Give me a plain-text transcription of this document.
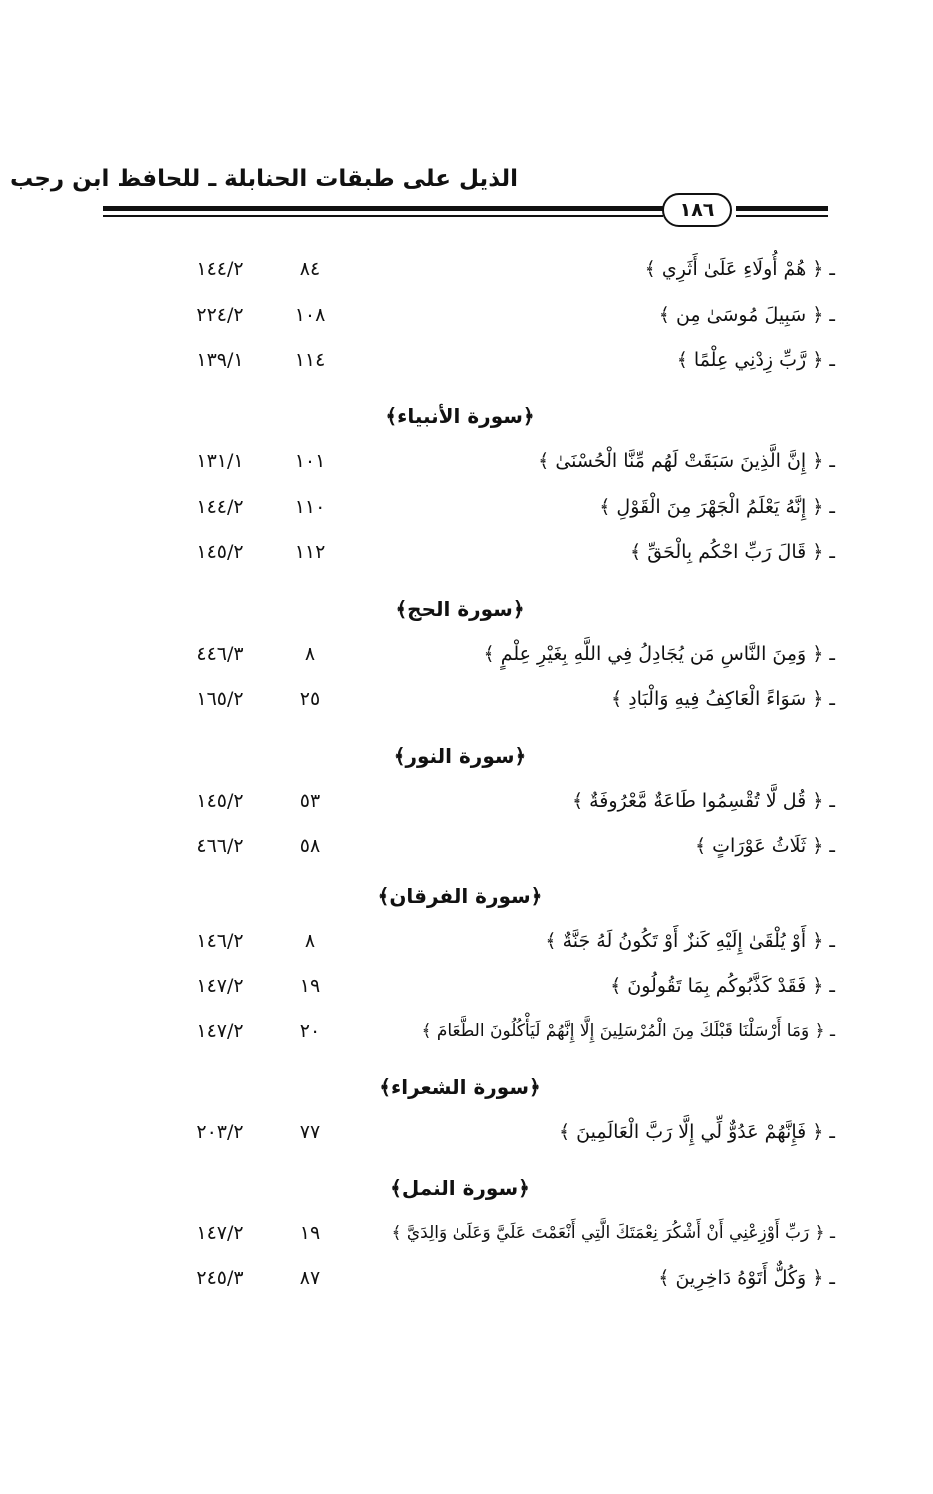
الذيل على طبقات الحنابلة ـ للحافظ ابن رجب
١٨٦
ـ ﴿ هُمْ أُولَاءِ عَلَىٰ أَثَرِي ﴾
٨٤
١٤٤/٢
ـ ﴿ سَبِيلَ مُوسَىٰ مِن ﴾
١٠٨
٢٢٤/٢
ـ ﴿ رَّبِّ زِدْنِي عِلْمًا ﴾
١١٤
١٣٩/١
﴿سورة الأنبياء﴾
ـ ﴿ إِنَّ الَّذِينَ سَبَقَتْ لَهُم مِّنَّا الْحُسْنَىٰ ﴾
١٠١
١٣١/١
ـ ﴿ إِنَّهُ يَعْلَمُ الْجَهْرَ مِنَ الْقَوْلِ ﴾
١١٠
١٤٤/٢
ـ ﴿ قَالَ رَبِّ احْكُم بِالْحَقِّ ﴾
١١٢
١٤٥/٢
﴿سورة الحج﴾
ـ ﴿ وَمِنَ النَّاسِ مَن يُجَادِلُ فِي اللَّهِ بِغَيْرِ عِلْمٍ ﴾
٨
٤٤٦/٣
ـ ﴿ سَوَاءً الْعَاكِفُ فِيهِ وَالْبَادِ ﴾
٢٥
١٦٥/٢
﴿سورة النور﴾
ـ ﴿ قُل لَّا تُقْسِمُوا طَاعَةٌ مَّعْرُوفَةٌ ﴾
٥٣
١٤٥/٢
ـ ﴿ ثَلَاثُ عَوْرَاتٍ ﴾
٥٨
٤٦٦/٢
﴿سورة الفرقان﴾
ـ ﴿ أَوْ يُلْقَىٰ إِلَيْهِ كَنزٌ أَوْ تَكُونُ لَهُ جَنَّةٌ ﴾
٨
١٤٦/٢
ـ ﴿ فَقَدْ كَذَّبُوكُم بِمَا تَقُولُونَ ﴾
١٩
١٤٧/٢
ـ ﴿ وَمَا أَرْسَلْنَا قَبْلَكَ مِنَ الْمُرْسَلِينَ إِلَّا إِنَّهُمْ لَيَأْكُلُونَ الطَّعَامَ ﴾
٢٠
١٤٧/٢
﴿سورة الشعراء﴾
ـ ﴿ فَإِنَّهُمْ عَدُوٌّ لِّي إِلَّا رَبَّ الْعَالَمِينَ ﴾
٧٧
٢٠٣/٢
﴿سورة النمل﴾
ـ ﴿ رَبِّ أَوْزِعْنِي أَنْ أَشْكُرَ نِعْمَتَكَ الَّتِي أَنْعَمْتَ عَلَيَّ وَعَلَىٰ وَالِدَيَّ ﴾
١٩
١٤٧/٢
ـ ﴿ وَكُلٌّ أَتَوْهُ دَاخِرِينَ ﴾
٨٧
٢٤٥/٣
